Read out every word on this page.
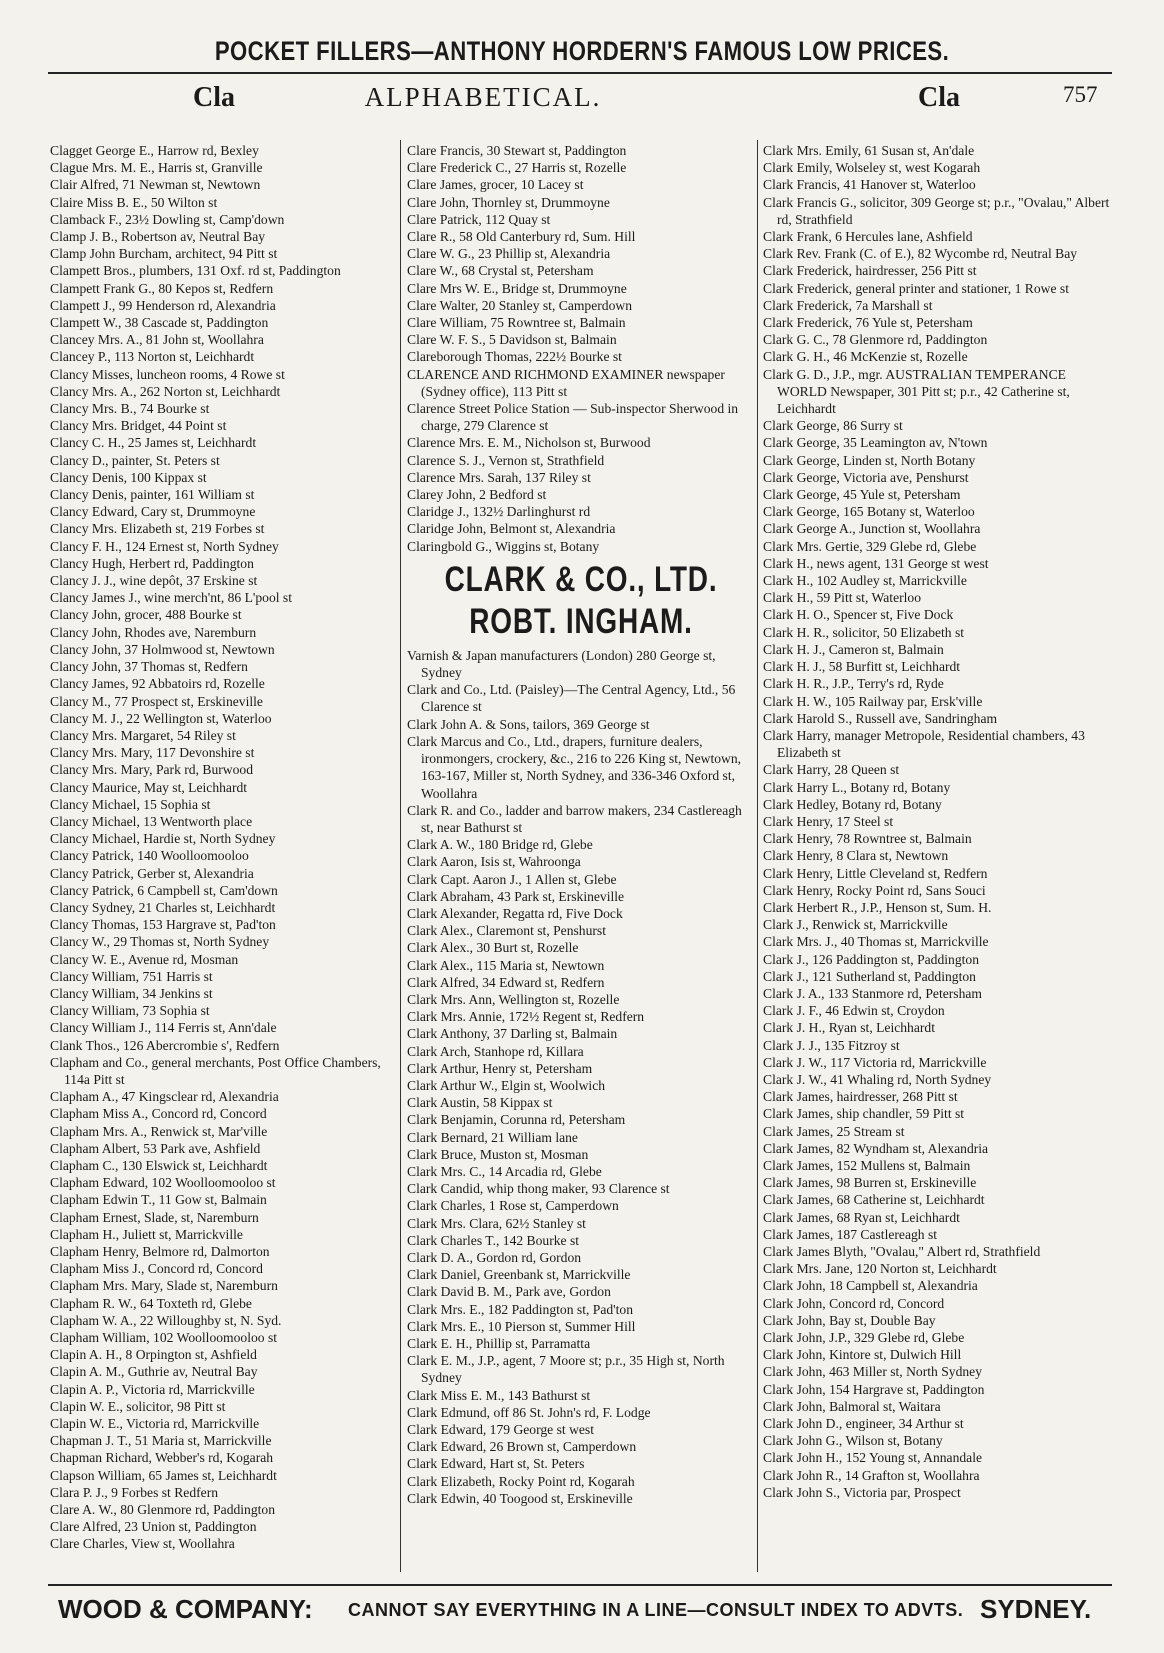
POCKET FILLERS—ANTHONY HORDERN'S FAMOUS LOW PRICES.
Cla	ALPHABETICAL.	Cla	757
Clagget George E., Harrow rd, Bexley
Clague Mrs. M. E., Harris st, Granville
Clair Alfred, 71 Newman st, Newtown
Claire Miss B. E., 50 Wilton st
Clamback F., 23½ Dowling st, Camp'down
Clamp J. B., Robertson av, Neutral Bay
Clamp John Burcham, architect, 94 Pitt st
Clampett Bros., plumbers, 131 Oxf. rd st, Paddington
Clampett Frank G., 80 Kepos st, Redfern
Clampett J., 99 Henderson rd, Alexandria
Clampett W., 38 Cascade st, Paddington
Clancey Mrs. A., 81 John st, Woollahra
Clancey P., 113 Norton st, Leichhardt
Clancy Misses, luncheon rooms, 4 Rowe st
Clancy Mrs. A., 262 Norton st, Leichhardt
Clancy Mrs. B., 74 Bourke st
Clancy Mrs. Bridget, 44 Point st
Clancy C. H., 25 James st, Leichhardt
Clancy D., painter, St. Peters st
Clancy Denis, 100 Kippax st
Clancy Denis, painter, 161 William st
Clancy Edward, Cary st, Drummoyne
Clancy Mrs. Elizabeth st, 219 Forbes st
Clancy F. H., 124 Ernest st, North Sydney
Clancy Hugh, Herbert rd, Paddington
Clancy J. J., wine depôt, 37 Erskine st
Clancy James J., wine merch'nt, 86 L'pool st
Clancy John, grocer, 488 Bourke st
Clancy John, Rhodes ave, Naremburn
Clancy John, 37 Holmwood st, Newtown
Clancy John, 37 Thomas st, Redfern
Clancy James, 92 Abbatoirs rd, Rozelle
Clancy M., 77 Prospect st, Erskineville
Clancy M. J., 22 Wellington st, Waterloo
Clancy Mrs. Margaret, 54 Riley st
Clancy Mrs. Mary, 117 Devonshire st
Clancy Mrs. Mary, Park rd, Burwood
Clancy Maurice, May st, Leichhardt
Clancy Michael, 15 Sophia st
Clancy Michael, 13 Wentworth place
Clancy Michael, Hardie st, North Sydney
Clancy Patrick, 140 Woolloomooloo
Clancy Patrick, Gerber st, Alexandria
Clancy Patrick, 6 Campbell st, Cam'down
Clancy Sydney, 21 Charles st, Leichhardt
Clancy Thomas, 153 Hargrave st, Pad'ton
Clancy W., 29 Thomas st, North Sydney
Clancy W. E., Avenue rd, Mosman
Clancy William, 751 Harris st
Clancy William, 34 Jenkins st
Clancy William, 73 Sophia st
Clancy William J., 114 Ferris st, Ann'dale
Clank Thos., 126 Abercrombie s', Redfern
Clapham and Co., general merchants, Post Office Chambers, 114a Pitt st
Clapham A., 47 Kingsclear rd, Alexandria
Clapham Miss A., Concord rd, Concord
Clapham Mrs. A., Renwick st, Mar'ville
Clapham Albert, 53 Park ave, Ashfield
Clapham C., 130 Elswick st, Leichhardt
Clapham Edward, 102 Woolloomooloo st
Clapham Edwin T., 11 Gow st, Balmain
Clapham Ernest, Slade, st, Naremburn
Clapham H., Juliett st, Marrickville
Clapham Henry, Belmore rd, Dalmorton
Clapham Miss J., Concord rd, Concord
Clapham Mrs. Mary, Slade st, Naremburn
Clapham R. W., 64 Toxteth rd, Glebe
Clapham W. A., 22 Willoughby st, N. Syd.
Clapham William, 102 Woolloomooloo st
Clapin A. H., 8 Orpington st, Ashfield
Clapin A. M., Guthrie av, Neutral Bay
Clapin A. P., Victoria rd, Marrickville
Clapin W. E., solicitor, 98 Pitt st
Clapin W. E., Victoria rd, Marrickville
Chapman J. T., 51 Maria st, Marrickville
Chapman Richard, Webber's rd, Kogarah
Clapson William, 65 James st, Leichhardt
Clara P. J., 9 Forbes st Redfern
Clare A. W., 80 Glenmore rd, Paddington
Clare Alfred, 23 Union st, Paddington
Clare Charles, View st, Woollahra
Clare Francis, 30 Stewart st, Paddington
Clare Frederick C., 27 Harris st, Rozelle
Clare James, grocer, 10 Lacey st
Clare John, Thornley st, Drummoyne
Clare Patrick, 112 Quay st
Clare R., 58 Old Canterbury rd, Sum. Hill
Clare W. G., 23 Phillip st, Alexandria
Clare W., 68 Crystal st, Petersham
Clare Mrs W. E., Bridge st, Drummoyne
Clare Walter, 20 Stanley st, Camperdown
Clare William, 75 Rowntree st, Balmain
Clare W. F. S., 5 Davidson st, Balmain
Clareborough Thomas, 222½ Bourke st
CLARENCE AND RICHMOND EXAMINER newspaper (Sydney office), 113 Pitt st
Clarence Street Police Station — Sub-inspector Sherwood in charge, 279 Clarence st
Clarence Mrs. E. M., Nicholson st, Burwood
Clarence S. J., Vernon st, Strathfield
Clarence Mrs. Sarah, 137 Riley st
Clarey John, 2 Bedford st
Claridge J., 132½ Darlinghurst rd
Claridge John, Belmont st, Alexandria
Claringbold G., Wiggins st, Botany
CLARK & CO., LTD.
ROBT. INGHAM.
Varnish & Japan manufacturers (London) 280 George st, Sydney
Clark and Co., Ltd. (Paisley)—The Central Agency, Ltd., 56 Clarence st
Clark John A. & Sons, tailors, 369 George st
Clark Marcus and Co., Ltd., drapers, furniture dealers, ironmongers, crockery, &c., 216 to 226 King st, Newtown, 163-167, Miller st, North Sydney, and 336-346 Oxford st, Woollahra
Clark R. and Co., ladder and barrow makers, 234 Castlereagh st, near Bathurst st
Clark A. W., 180 Bridge rd, Glebe
Clark Aaron, Isis st, Wahroonga
Clark Capt. Aaron J., 1 Allen st, Glebe
Clark Abraham, 43 Park st, Erskineville
Clark Alexander, Regatta rd, Five Dock
Clark Alex., Claremont st, Penshurst
Clark Alex., 30 Burt st, Rozelle
Clark Alex., 115 Maria st, Newtown
Clark Alfred, 34 Edward st, Redfern
Clark Mrs. Ann, Wellington st, Rozelle
Clark Mrs. Annie, 172½ Regent st, Redfern
Clark Anthony, 37 Darling st, Balmain
Clark Arch, Stanhope rd, Killara
Clark Arthur, Henry st, Petersham
Clark Arthur W., Elgin st, Woolwich
Clark Austin, 58 Kippax st
Clark Benjamin, Corunna rd, Petersham
Clark Bernard, 21 William lane
Clark Bruce, Muston st, Mosman
Clark Mrs. C., 14 Arcadia rd, Glebe
Clark Candid, whip thong maker, 93 Clarence st
Clark Charles, 1 Rose st, Camperdown
Clark Mrs. Clara, 62½ Stanley st
Clark Charles T., 142 Bourke st
Clark D. A., Gordon rd, Gordon
Clark Daniel, Greenbank st, Marrickville
Clark David B. M., Park ave, Gordon
Clark Mrs. E., 182 Paddington st, Pad'ton
Clark Mrs. E., 10 Pierson st, Summer Hill
Clark E. H., Phillip st, Parramatta
Clark E. M., J.P., agent, 7 Moore st; p.r., 35 High st, North Sydney
Clark Miss E. M., 143 Bathurst st
Clark Edmund, off 86 St. John's rd, F. Lodge
Clark Edward, 179 George st west
Clark Edward, 26 Brown st, Camperdown
Clark Edward, Hart st, St. Peters
Clark Elizabeth, Rocky Point rd, Kogarah
Clark Edwin, 40 Toogood st, Erskineville
Clark Mrs. Emily, 61 Susan st, An'dale
Clark Emily, Wolseley st, west Kogarah
Clark Francis, 41 Hanover st, Waterloo
Clark Francis G., solicitor, 309 George st; p.r., "Ovalau," Albert rd, Strathfield
Clark Frank, 6 Hercules lane, Ashfield
Clark Rev. Frank (C. of E.), 82 Wycombe rd, Neutral Bay
Clark Frederick, hairdresser, 256 Pitt st
Clark Frederick, general printer and stationer, 1 Rowe st
Clark Frederick, 7a Marshall st
Clark Frederick, 76 Yule st, Petersham
Clark G. C., 78 Glenmore rd, Paddington
Clark G. H., 46 McKenzie st, Rozelle
Clark G. D., J.P., mgr. AUSTRALIAN TEMPERANCE WORLD Newspaper, 301 Pitt st; p.r., 42 Catherine st, Leichhardt
Clark George, 86 Surry st
Clark George, 35 Leamington av, N'town
Clark George, Linden st, North Botany
Clark George, Victoria ave, Penshurst
Clark George, 45 Yule st, Petersham
Clark George, 165 Botany st, Waterloo
Clark George A., Junction st, Woollahra
Clark Mrs. Gertie, 329 Glebe rd, Glebe
Clark H., news agent, 131 George st west
Clark H., 102 Audley st, Marrickville
Clark H., 59 Pitt st, Waterloo
Clark H. O., Spencer st, Five Dock
Clark H. R., solicitor, 50 Elizabeth st
Clark H. J., Cameron st, Balmain
Clark H. J., 58 Burfitt st, Leichhardt
Clark H. R., J.P., Terry's rd, Ryde
Clark H. W., 105 Railway par, Ersk'ville
Clark Harold S., Russell ave, Sandringham
Clark Harry, manager Metropole, Residential chambers, 43 Elizabeth st
Clark Harry, 28 Queen st
Clark Harry L., Botany rd, Botany
Clark Hedley, Botany rd, Botany
Clark Henry, 17 Steel st
Clark Henry, 78 Rowntree st, Balmain
Clark Henry, 8 Clara st, Newtown
Clark Henry, Little Cleveland st, Redfern
Clark Henry, Rocky Point rd, Sans Souci
Clark Herbert R., J.P., Henson st, Sum. H.
Clark J., Renwick st, Marrickville
Clark Mrs. J., 40 Thomas st, Marrickville
Clark J., 126 Paddington st, Paddington
Clark J., 121 Sutherland st, Paddington
Clark J. A., 133 Stanmore rd, Petersham
Clark J. F., 46 Edwin st, Croydon
Clark J. H., Ryan st, Leichhardt
Clark J. J., 135 Fitzroy st
Clark J. W., 117 Victoria rd, Marrickville
Clark J. W., 41 Whaling rd, North Sydney
Clark James, hairdresser, 268 Pitt st
Clark James, ship chandler, 59 Pitt st
Clark James, 25 Stream st
Clark James, 82 Wyndham st, Alexandria
Clark James, 152 Mullens st, Balmain
Clark James, 98 Burren st, Erskineville
Clark James, 68 Catherine st, Leichhardt
Clark James, 68 Ryan st, Leichhardt
Clark James, 187 Castlereagh st
Clark James Blyth, "Ovalau," Albert rd, Strathfield
Clark Mrs. Jane, 120 Norton st, Leichhardt
Clark John, 18 Campbell st, Alexandria
Clark John, Concord rd, Concord
Clark John, Bay st, Double Bay
Clark John, J.P., 329 Glebe rd, Glebe
Clark John, Kintore st, Dulwich Hill
Clark John, 463 Miller st, North Sydney
Clark John, 154 Hargrave st, Paddington
Clark John, Balmoral st, Waitara
Clark John D., engineer, 34 Arthur st
Clark John G., Wilson st, Botany
Clark John H., 152 Young st, Annandale
Clark John R., 14 Grafton st, Woollahra
Clark John S., Victoria par, Prospect
WOOD & COMPANY: CANNOT SAY EVERYTHING IN A LINE—CONSULT INDEX TO ADVTS. SYDNEY.
